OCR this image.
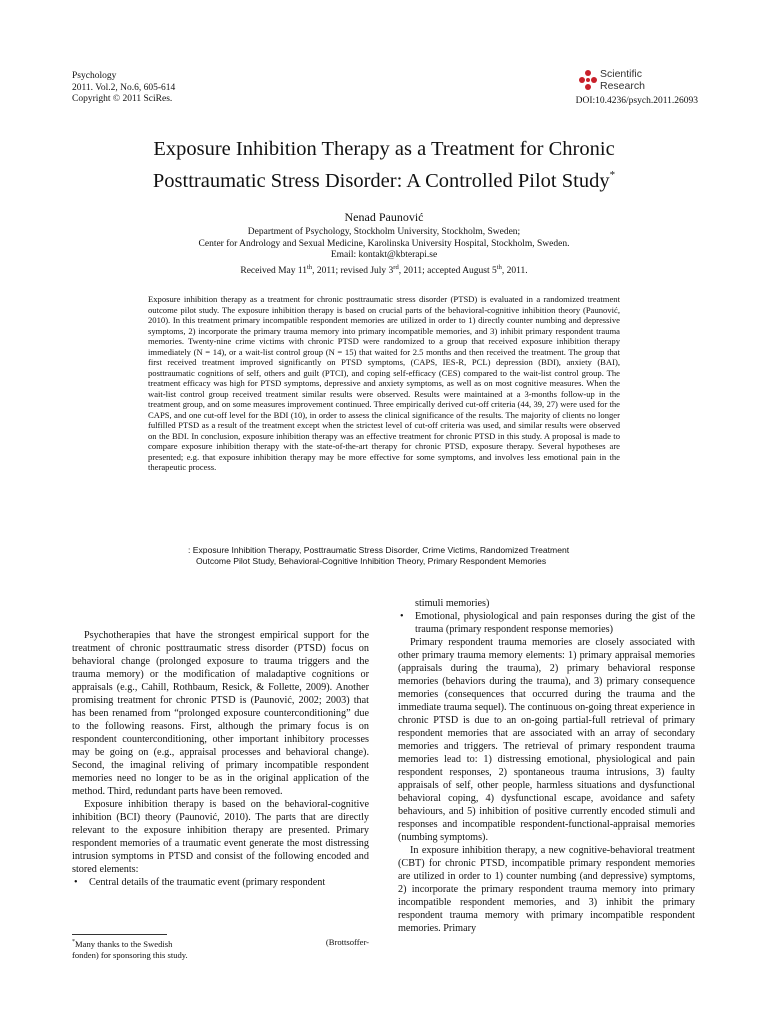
Psychology
2011. Vol.2, No.6, 605-614
Copyright © 2011 SciRes.
Scientific
Research
DOI:10.4236/psych.2011.26093
Exposure Inhibition Therapy as a Treatment for Chronic
Posttraumatic Stress Disorder: A Controlled Pilot Study*
Nenad Paunović
Department of Psychology, Stockholm University, Stockholm, Sweden;
Center for Andrology and Sexual Medicine, Karolinska University Hospital, Stockholm, Sweden.
Email: kontakt@kbterapi.se
Received May 11th, 2011; revised July 3rd, 2011; accepted August 5th, 2011.

Exposure inhibition therapy as a treatment for chronic posttraumatic stress disorder (PTSD) is evaluated in a randomized treatment outcome pilot study. The exposure inhibition therapy is based on crucial parts of the behavioral-cognitive inhibition theory (Paunović, 2010). In this treatment primary incompatible respondent memories are utilized in order to 1) directly counter numbing and depressive symptoms, 2) incorporate the primary trauma memory into primary incompatible memories, and 3) inhibit primary respondent trauma memories. Twenty-nine crime victims with chronic PTSD were randomized to a group that received exposure inhibition therapy immediately (N = 14), or a wait-list control group (N = 15) that waited for 2.5 months and then received the treatment. The group that first received treatment improved significantly on PTSD symptoms, (CAPS, IES-R, PCL) depression (BDI), anxiety (BAI), posttraumatic cognitions of self, others and guilt (PTCI), and coping self-efficacy (CES) compared to the wait-list control group. The treatment efficacy was high for PTSD symptoms, depressive and anxiety symptoms, as well as on most cognitive measures. When the wait-list control group received treatment similar results were observed. Results were maintained at a 3-months follow-up in the treatment group, and on some measures improvement continued. Three empirically derived cut-off criteria (44, 39, 27) were used for the CAPS, and one cut-off level for the BDI (10), in order to assess the clinical significance of the results. The majority of clients no longer fulfilled PTSD as a result of the treatment except when the strictest level of cut-off criteria was used, and similar results were observed on the BDI. In conclusion, exposure inhibition therapy was an effective treatment for chronic PTSD in this study. A proposal is made to compare exposure inhibition therapy with the state-of-the-art therapy for chronic PTSD, exposure therapy. Several hypotheses are presented; e.g. that exposure inhibition therapy may be more effective for some symptoms, and involves less emotional pain in the therapeutic process.

: Exposure Inhibition Therapy, Posttraumatic Stress Disorder, Crime Victims, Randomized Treatment
Outcome Pilot Study, Behavioral-Cognitive Inhibition Theory, Primary Respondent Memories

Psychotherapies that have the strongest empirical support for the treatment of chronic posttraumatic stress disorder (PTSD) focus on behavioral change (prolonged exposure to trauma triggers and the trauma memory) or the modification of maladaptive cognitions or appraisals (e.g., Cahill, Rothbaum, Resick, & Follette, 2009). Another promising treatment for chronic PTSD is (Paunović, 2002; 2003) that has been renamed from “prolonged exposure counterconditioning” due to the following reasons. First, although the primary focus is on respondent counterconditioning, other important inhibitory processes may be going on (e.g., appraisal processes and behavioral change). Second, the imaginal reliving of primary incompatible respondent memories need no longer to be as in the original application of the method. Third, redundant parts have been removed.

Exposure inhibition therapy is based on the behavioral-cognitive inhibition (BCI) theory (Paunović, 2010). The parts that are directly relevant to the exposure inhibition therapy are presented. Primary respondent memories of a traumatic event generate the most distressing intrusion symptoms in PTSD and consist of the following encoded and stored elements:

• Central details of the traumatic event (primary respondent

stimuli memories)

• Emotional, physiological and pain responses during the gist of the trauma (primary respondent response memories)

Primary respondent trauma memories are closely associated with other primary trauma memory elements: 1) primary appraisal memories (appraisals during the trauma), 2) primary behavioral response memories (behaviors during the trauma), and 3) primary consequence memories (consequences that occurred during the trauma and the immediate trauma sequel). The continuous on-going threat experience in chronic PTSD is due to an on-going partial-full retrieval of primary respondent memories that are associated with an array of secondary memories and triggers. The retrieval of primary respondent trauma memories lead to: 1) distressing emotional, physiological and pain respondent responses, 2) spontaneous trauma intrusions, 3) faulty appraisals of self, other people, harmless situations and dysfunctional behavioral coping, 4) dysfunctional escape, avoidance and safety behaviours, and 5) inhibition of positive currently encoded stimuli and responses and incompatible respondent-functional-appraisal memories (numbing symptoms).

In exposure inhibition therapy, a new cognitive-behavioral treatment (CBT) for chronic PTSD, incompatible primary respondent memories are utilized in order to 1) counter numbing (and depressive) symptoms, 2) incorporate the primary respondent trauma memory into primary incompatible respondent memories, and 3) inhibit the primary respondent trauma memory with primary incompatible respondent memories. Primary

*Many thanks to the Swedish	(Brottsoffer-
fonden) for sponsoring this study.
